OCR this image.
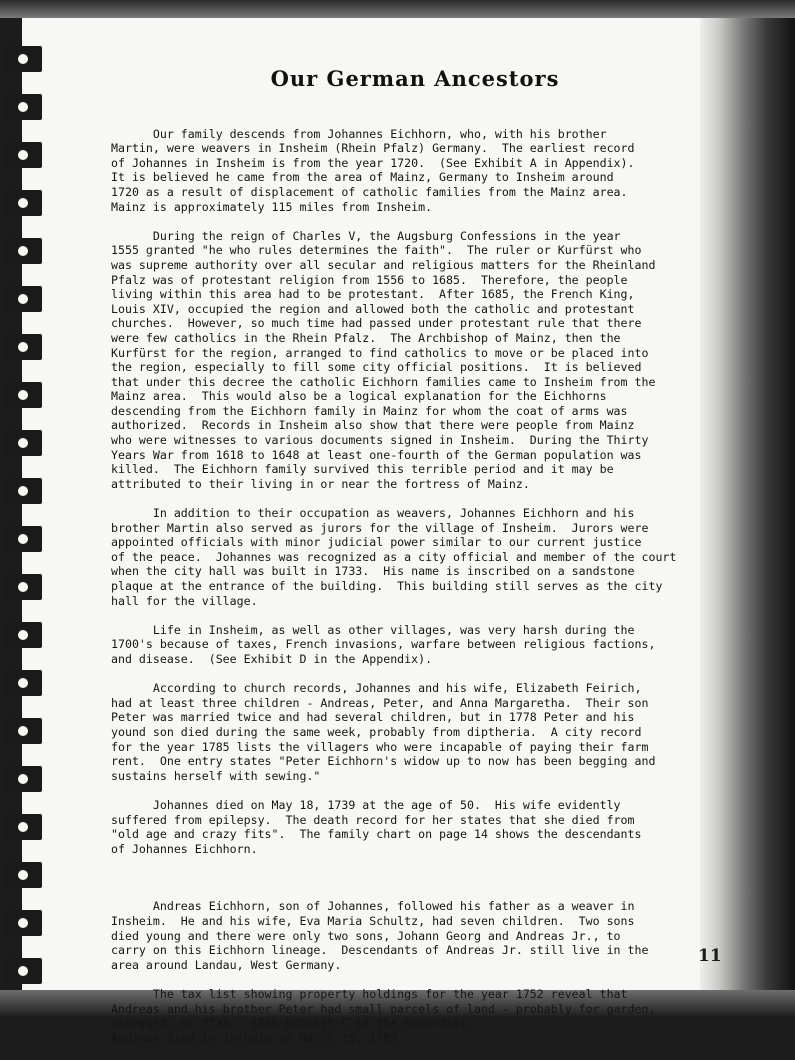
Our German Ancestors

Our family descends from Johannes Eichhorn, who, with his brother
Martin, were weavers in Insheim (Rhein Pfalz) Germany.  The earliest record
of Johannes in Insheim is from the year 1720.  (See Exhibit A in Appendix).
It is believed he came from the area of Mainz, Germany to Insheim around
1720 as a result of displacement of catholic families from the Mainz area.
Mainz is approximately 115 miles from Insheim.

During the reign of Charles V, the Augsburg Confessions in the year
1555 granted "he who rules determines the faith".  The ruler or Kurfürst who
was supreme authority over all secular and religious matters for the Rheinland
Pfalz was of protestant religion from 1556 to 1685.  Therefore, the people
living within this area had to be protestant.  After 1685, the French King,
Louis XIV, occupied the region and allowed both the catholic and protestant
churches.  However, so much time had passed under protestant rule that there
were few catholics in the Rhein Pfalz.  The Archbishop of Mainz, then the
Kurfürst for the region, arranged to find catholics to move or be placed into
the region, especially to fill some city official positions.  It is believed
that under this decree the catholic Eichhorn families came to Insheim from the
Mainz area.  This would also be a logical explanation for the Eichhorns
descending from the Eichhorn family in Mainz for whom the coat of arms was
authorized.  Records in Insheim also show that there were people from Mainz
who were witnesses to various documents signed in Insheim.  During the Thirty
Years War from 1618 to 1648 at least one-fourth of the German population was
killed.  The Eichhorn family survived this terrible period and it may be
attributed to their living in or near the fortress of Mainz.

In addition to their occupation as weavers, Johannes Eichhorn and his
brother Martin also served as jurors for the village of Insheim.  Jurors were
appointed officials with minor judicial power similar to our current justice
of the peace.  Johannes was recognized as a city official and member of the court
when the city hall was built in 1733.  His name is inscribed on a sandstone
plaque at the entrance of the building.  This building still serves as the city
hall for the village.

Life in Insheim, as well as other villages, was very harsh during the
1700's because of taxes, French invasions, warfare between religious factions,
and disease.  (See Exhibit D in the Appendix).

According to church records, Johannes and his wife, Elizabeth Feirich,
had at least three children - Andreas, Peter, and Anna Margaretha.  Their son
Peter was married twice and had several children, but in 1778 Peter and his
yound son died during the same week, probably from diptheria.  A city record
for the year 1785 lists the villagers who were incapable of paying their farm
rent.  One entry states "Peter Eichhorn's widow up to now has been begging and
sustains herself with sewing."

Johannes died on May 18, 1739 at the age of 50.  His wife evidently
suffered from epilepsy.  The death record for her states that she died from
"old age and crazy fits".  The family chart on page 14 shows the descendants
of Johannes Eichhorn.

Andreas Eichhorn, son of Johannes, followed his father as a weaver in
Insheim.  He and his wife, Eva Maria Schultz, had seven children.  Two sons
died young and there were only two sons, Johann Georg and Andreas Jr., to
carry on this Eichhorn lineage.  Descendants of Andreas Jr. still live in the
area around Landau, West Germany.

The tax list showing property holdings for the year 1752 reveal that
Andreas and his brother Peter had small parcels of land - probably for garden,
vineyard, or flax.  (See Exhibit C in the Appendix).
Andreas died in Insheim on March 15, 1789.

11
